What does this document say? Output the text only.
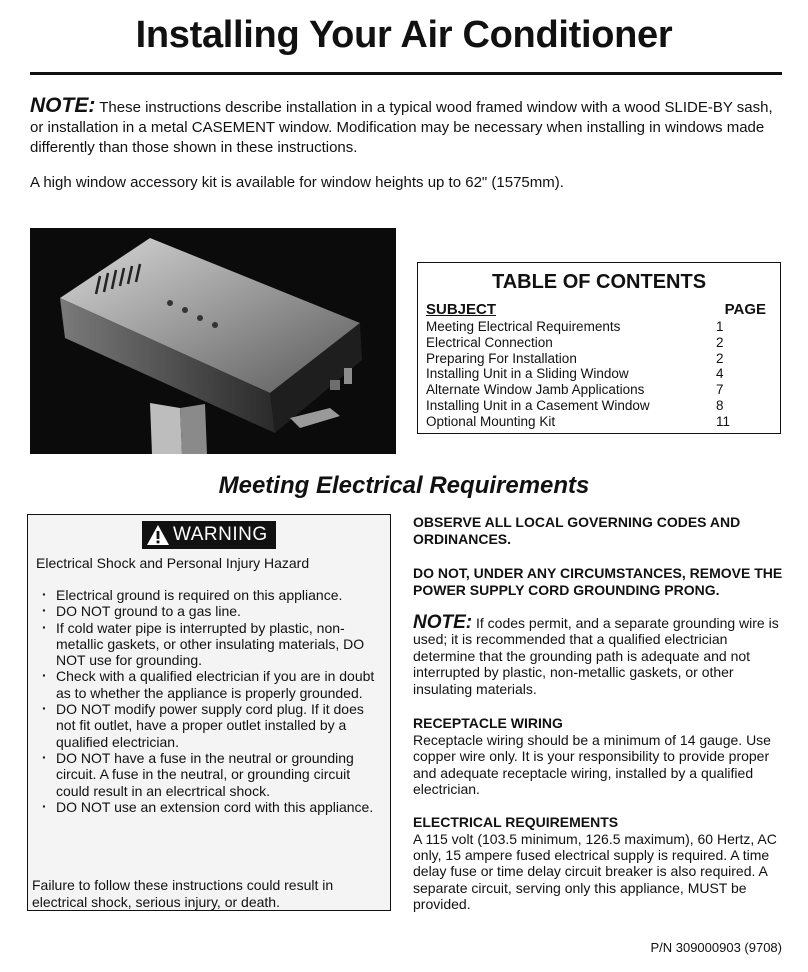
Installing Your Air Conditioner

NOTE: These instructions describe installation in a typical wood framed window with a wood SLIDE-BY sash, or installation in a metal CASEMENT window. Modification may be necessary when installing in windows made differently than those shown in these instructions.

A high window accessory kit is available for window heights up to 62" (1575mm).

TABLE OF CONTENTS
SUBJECT	PAGE
Meeting Electrical Requirements	1
Electrical Connection	2
Preparing For Installation	2
Installing Unit in a Sliding Window	4
Alternate Window Jamb Applications	7
Installing Unit in a Casement Window	8
Optional Mounting Kit	11
Meeting Electrical Requirements
WARNING

Electrical Shock and Personal Injury Hazard

· Electrical ground is required on this appliance.
· DO NOT ground to a gas line.
· If cold water pipe is interrupted by plastic, non-metallic gaskets, or other insulating materials, DO NOT use for grounding.
· Check with a qualified electrician if you are in doubt as to whether the appliance is properly grounded.
· DO NOT modify power supply cord plug. If it does not fit outlet, have a proper outlet installed by a qualified electrician.
· DO NOT have a fuse in the neutral or grounding circuit. A fuse in the neutral, or grounding circuit could result in an elecrtrical shock.
· DO NOT use an extension cord with this appliance.

Failure to follow these instructions could result in electrical shock, serious injury, or death.

OBSERVE ALL LOCAL GOVERNING CODES AND ORDINANCES.

DO NOT, UNDER ANY CIRCUMSTANCES, REMOVE THE POWER SUPPLY CORD GROUNDING PRONG.

NOTE: If codes permit, and a separate grounding wire is used; it is recommended that a qualified electrician determine that the grounding path is adequate and not interrupted by plastic, non-metallic gaskets, or other insulating materials.

RECEPTACLE WIRING

Receptacle wiring should be a minimum of 14 gauge. Use copper wire only. It is your responsibility to provide proper and adequate receptacle wiring, installed by a qualified electrician.

ELECTRICAL REQUIREMENTS

A 115 volt (103.5 minimum, 126.5 maximum), 60 Hertz, AC only, 15 ampere fused electrical supply is required. A time delay fuse or time delay circuit breaker is also required. A separate circuit, serving only this appliance, MUST be provided.

P/N 309000903 (9708)
